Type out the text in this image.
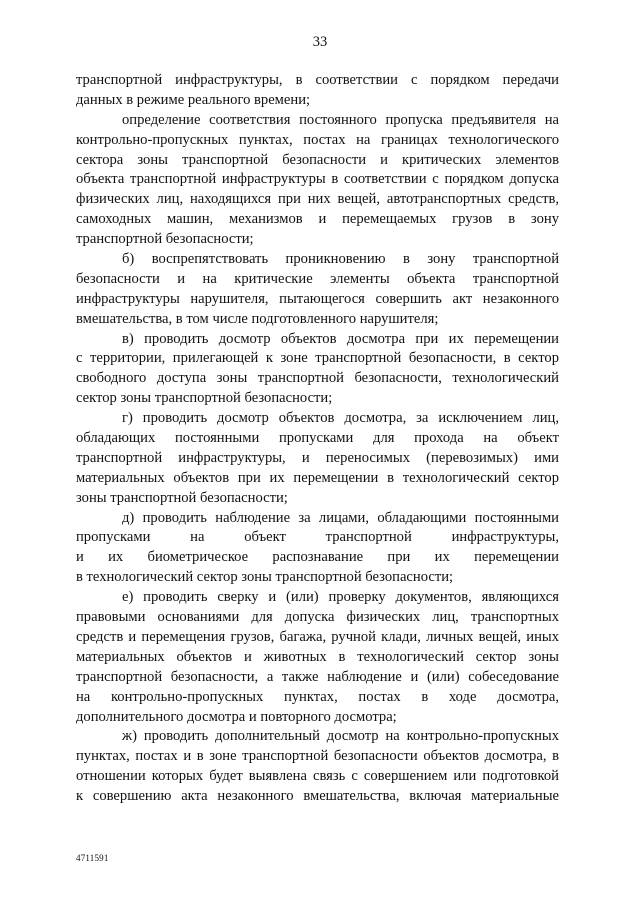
33
транспортной инфраструктуры, в соответствии с порядком передачи
данных в режиме реального времени;
определение соответствия постоянного пропуска предъявителя на
контрольно-пропускных пунктах, постах на границах технологического
сектора зоны транспортной безопасности и критических элементов
объекта транспортной инфраструктуры в соответствии с порядком допуска
физических лиц, находящихся при них вещей, автотранспортных средств,
самоходных машин, механизмов и перемещаемых грузов в зону
транспортной безопасности;
б) воспрепятствовать проникновению в зону транспортной
безопасности и на критические элементы объекта транспортной
инфраструктуры нарушителя, пытающегося совершить акт незаконного
вмешательства, в том числе подготовленного нарушителя;
в) проводить досмотр объектов досмотра при их перемещении
с территории, прилегающей к зоне транспортной безопасности, в сектор
свободного доступа зоны транспортной безопасности, технологический
сектор зоны транспортной безопасности;
г) проводить досмотр объектов досмотра, за исключением лиц,
обладающих постоянными пропусками для прохода на объект
транспортной инфраструктуры, и переносимых (перевозимых) ими
материальных объектов при их перемещении в технологический сектор
зоны транспортной безопасности;
д) проводить наблюдение за лицами, обладающими постоянными
пропусками на объект транспортной инфраструктуры,
и их биометрическое распознавание при их перемещении
в технологический сектор зоны транспортной безопасности;
е) проводить сверку и (или) проверку документов, являющихся
правовыми основаниями для допуска физических лиц, транспортных
средств и перемещения грузов, багажа, ручной клади, личных вещей, иных
материальных объектов и животных в технологический сектор зоны
транспортной безопасности, а также наблюдение и (или) собеседование
на контрольно-пропускных пунктах, постах в ходе досмотра,
дополнительного досмотра и повторного досмотра;
ж) проводить дополнительный досмотр на контрольно-пропускных
пунктах, постах и в зоне транспортной безопасности объектов досмотра, в
отношении которых будет выявлена связь с совершением или подготовкой
к совершению акта незаконного вмешательства, включая материальные
4711591
